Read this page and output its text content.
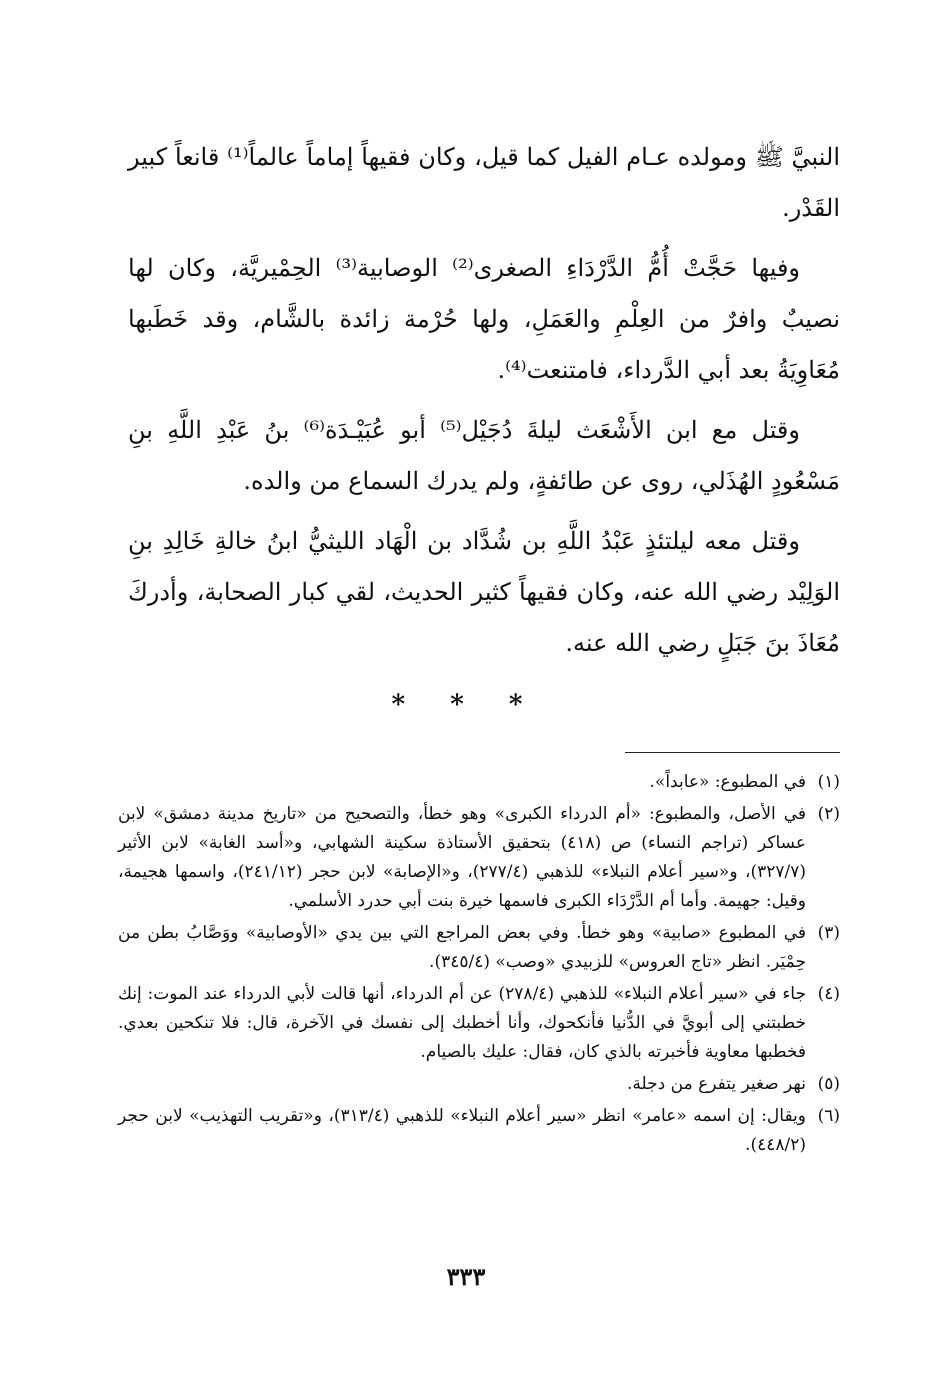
النبيَّ ﷺ ومولده عـام الفيل كما قيل، وكان فقيهاً إماماً عالماً⁽¹⁾ قانعاً كبير القَدْر.

وفيها حَجَّتْ أُمُّ الدَّرْدَاءِ الصغرى⁽²⁾ الوصابية⁽³⁾ الحِمْيريَّة، وكان لها نصيبٌ وافرٌ من العِلْمِ والعَمَلِ، ولها حُرْمة زائدة بالشَّام، وقد خَطَبها مُعَاوِيَةُ بعد أبي الدَّرداء، فامتنعت⁽⁴⁾.

وقتل مع ابن الأَشْعَث ليلةَ دُجَيْل⁽⁵⁾ أبو عُبَيْـدَة⁽⁶⁾ بنُ عَبْدِ اللَّهِ بنِ مَسْعُودٍ الهُذَلي، روى عن طائفةٍ، ولم يدرك السماع من والده.

وقتل معه ليلتئذٍ عَبْدُ اللَّهِ بن شُدَّاد بن الْهَاد الليثيُّ ابنُ خالةِ خَالِدِ بنِ الوَلِيْد رضي الله عنه، وكان فقيهاً كثير الحديث، لقي كبار الصحابة، وأدركَ مُعَاذَ بنَ جَبَلٍ رضي الله عنه.

* * *

(١)في المطبوع: «عابداً».

(٢)في الأصل، والمطبوع: «أم الدرداء الكبرى» وهو خطأ، والتصحيح من «تاريخ مدينة دمشق» لابن عساكر (تراجم النساء) ص (٤١٨) بتحقيق الأستاذة سكينة الشهابي، و«أسد الغابة» لابن الأثير (٣٢٧/٧)، و«سير أعلام النبلاء» للذهبي (٢٧٧/٤)، و«الإصابة» لابن حجر (٢٤١/١٢)، واسمها هجيمة، وقيل: جهيمة. وأما أم الدَّرْدَاء الكبرى فاسمها خيرة بنت أبي حدرد الأسلمي.

(٣)في المطبوع «صابية» وهو خطأ. وفي بعض المراجع التي بين يدي «الأوصابية» ووَصَّابُ بطن من حِمْيَر. انظر «تاج العروس» للزبيدي «وصب» (٣٤٥/٤).

(٤)جاء في «سير أعلام النبلاء» للذهبي (٢٧٨/٤) عن أم الدرداء، أنها قالت لأبي الدرداء عند الموت: إنك خطبتني إلى أبويَّ في الدُّنيا فأنكحوك، وأنا أخطبك إلى نفسك في الآخرة، قال: فلا تنكحين بعدي. فخطبها معاوية فأخبرته بالذي كان، فقال: عليك بالصيام.

(٥)نهر صغير يتفرع من دجلة.

(٦)ويقال: إن اسمه «عامر» انظر «سير أعلام النبلاء» للذهبي (٣١٣/٤)، و«تقريب التهذيب» لابن حجر (٤٤٨/٢).

٣٣٣
